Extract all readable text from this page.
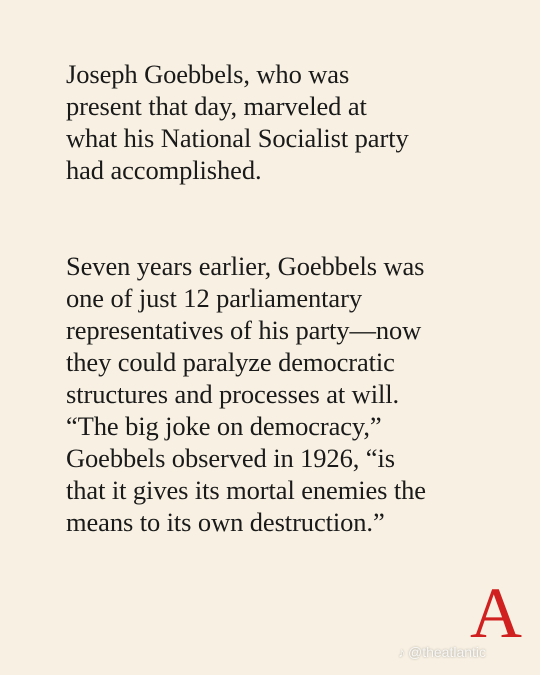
Joseph Goebbels, who was
present that day, marveled at
what his National Socialist party
had accomplished.
Seven years earlier, Goebbels was
one of just 12 parliamentary
representatives of his party—now
they could paralyze democratic
structures and processes at will.
“The big joke on democracy,”
Goebbels observed in 1926, “is
that it gives its mortal enemies the
means to its own destruction.”
A
♪ @theatlantic
